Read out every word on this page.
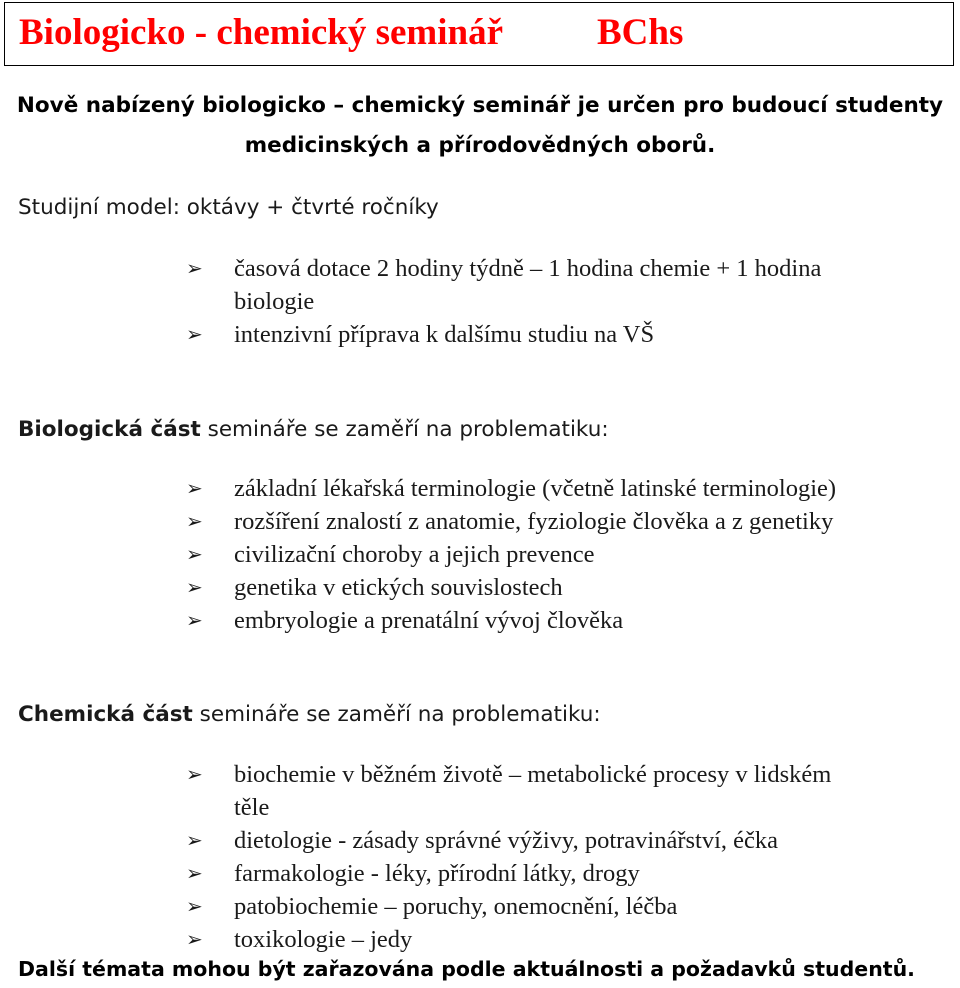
Biologicko - chemický seminář	BChs
Nově nabízený biologicko – chemický seminář je určen pro budoucí studenty
medicinských a přírodovědných oborů.
Studijní model: oktávy + čtvrté ročníky
➢ časová dotace 2 hodiny týdně – 1 hodina chemie + 1 hodina
biologie
➢ intenzivní příprava k dalšímu studiu na VŠ
Biologická část semináře se zaměří na problematiku:
➢ základní lékařská terminologie (včetně latinské terminologie)
➢ rozšíření znalostí z anatomie, fyziologie člověka a z genetiky
➢ civilizační choroby a jejich prevence
➢ genetika v etických souvislostech
➢ embryologie a prenatální vývoj člověka
Chemická část semináře se zaměří na problematiku:
➢ biochemie v běžném životě – metabolické procesy v lidském
těle
➢ dietologie - zásady správné výživy, potravinářství, éčka
➢ farmakologie - léky, přírodní látky, drogy
➢ patobiochemie – poruchy, onemocnění, léčba
➢ toxikologie – jedy
Další témata mohou být zařazována podle aktuálnosti a požadavků studentů.
